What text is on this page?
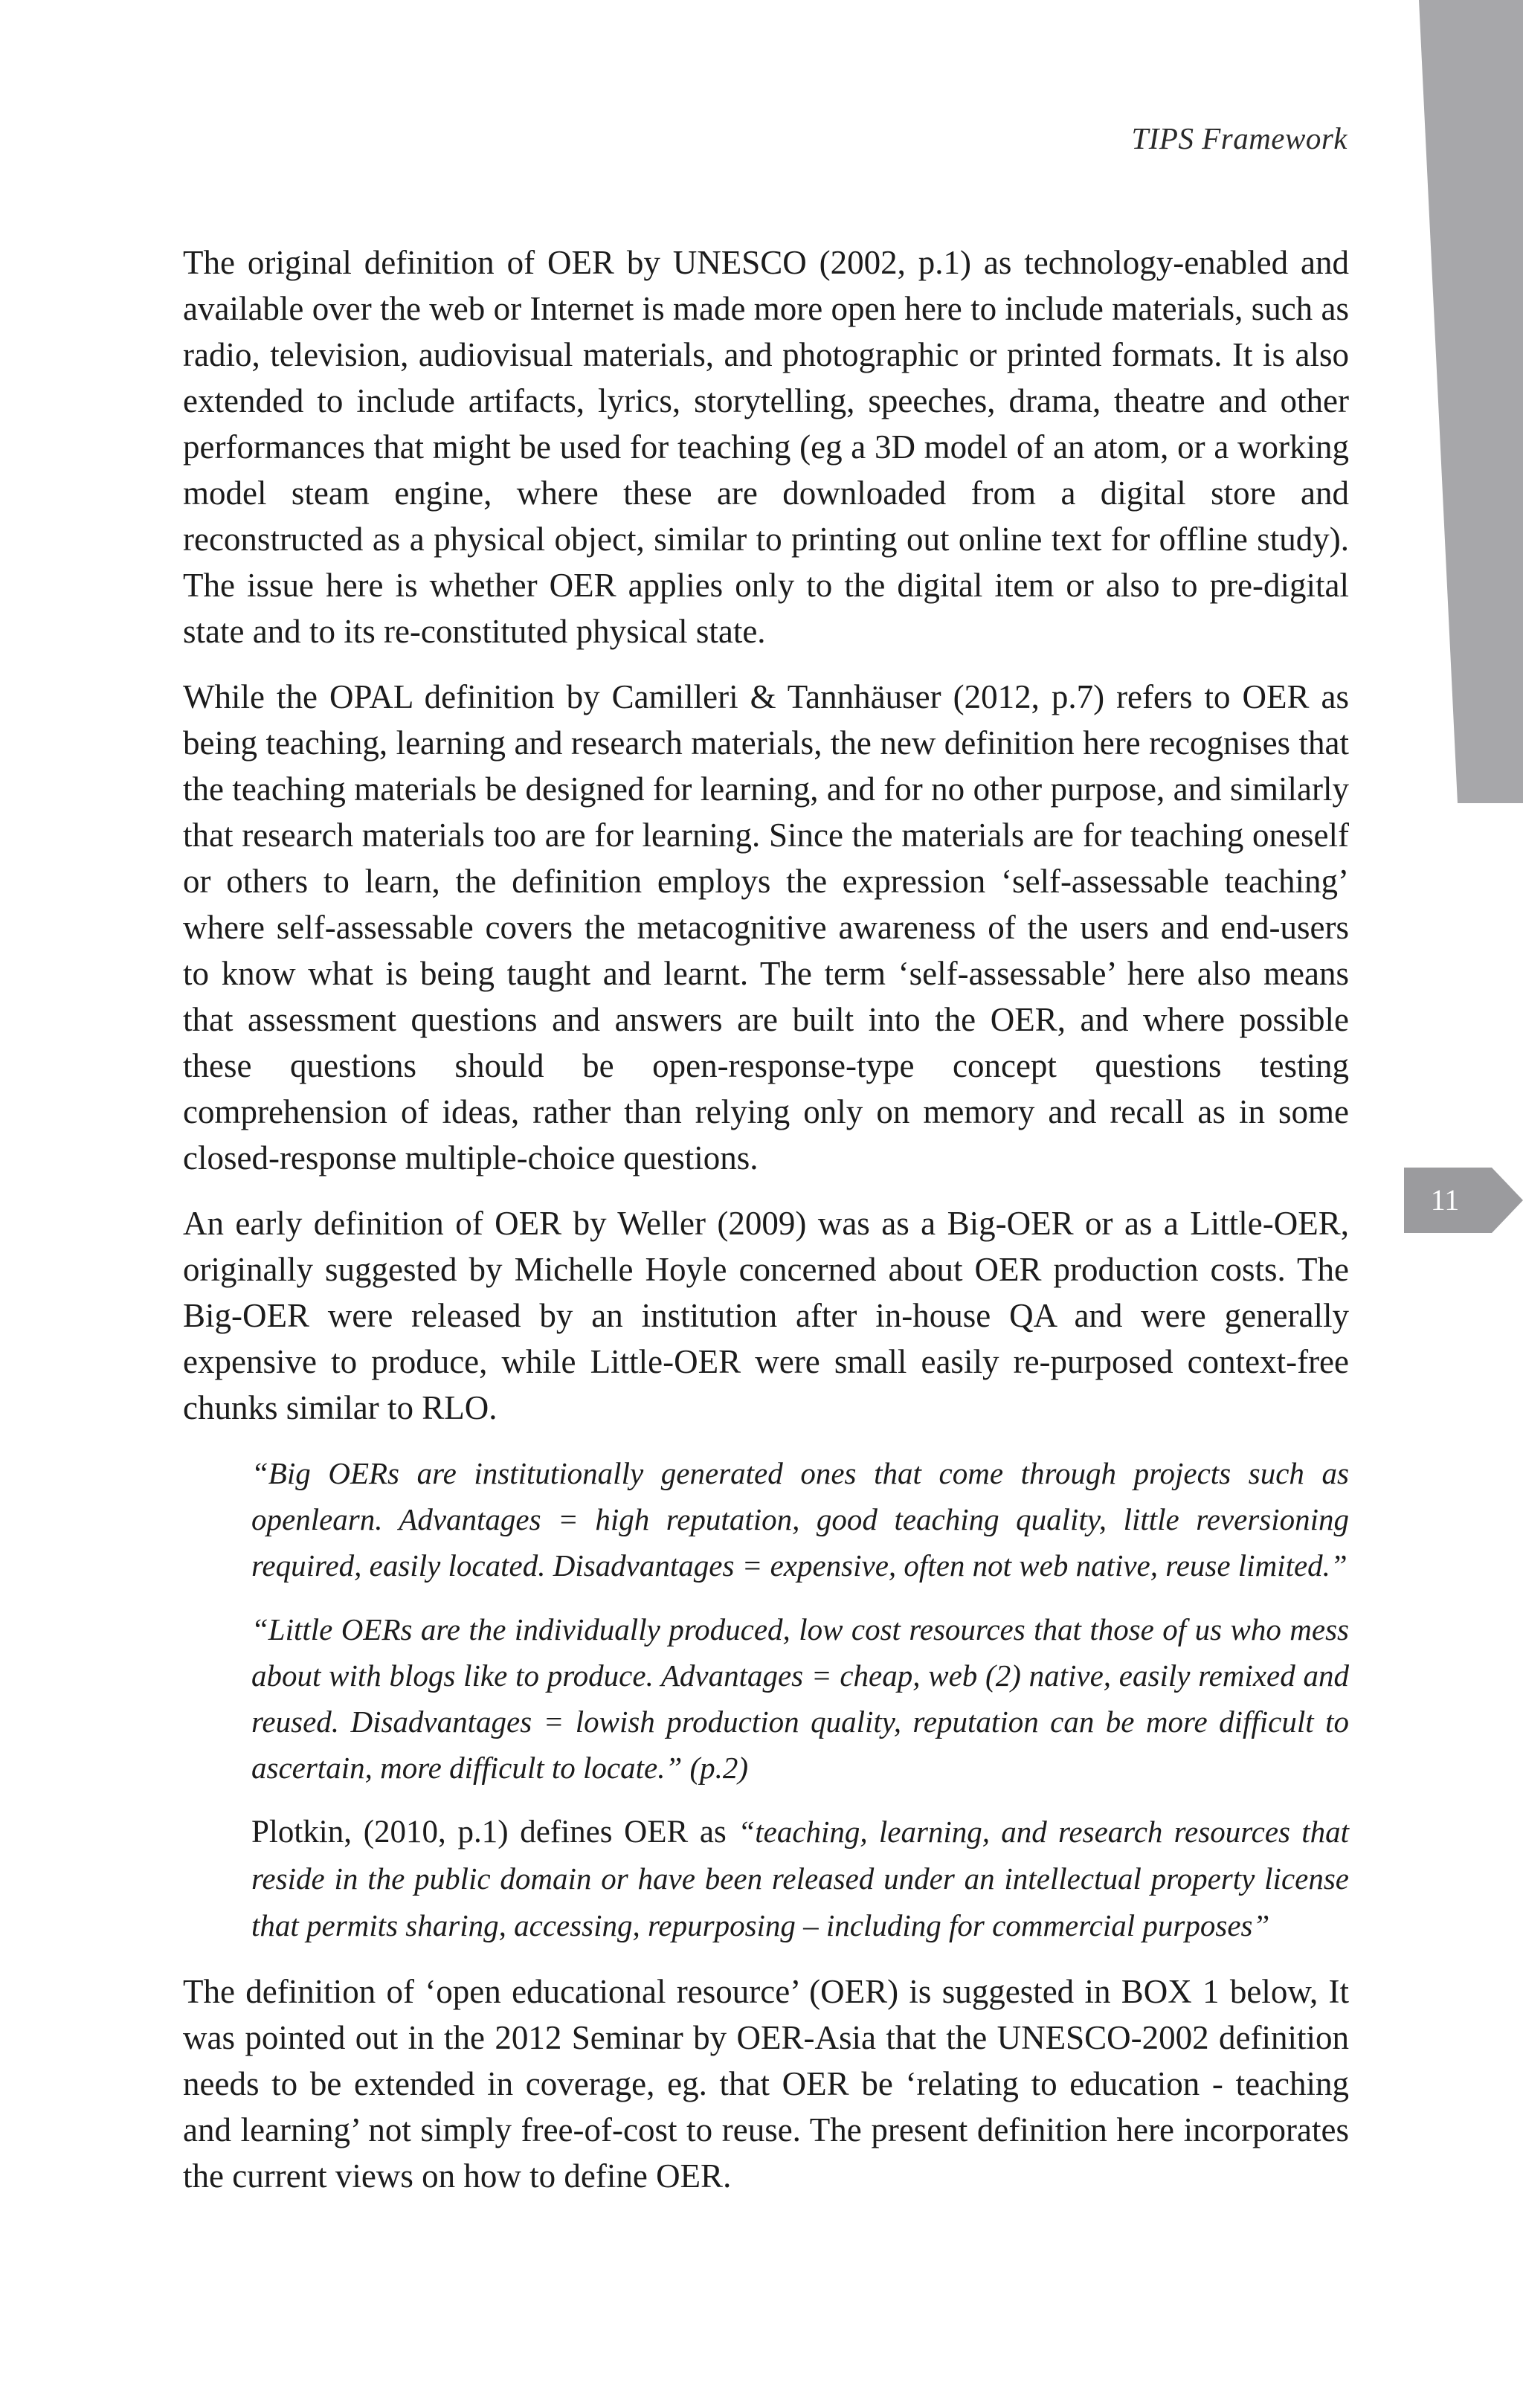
TIPS Framework
11

The original definition of OER by UNESCO (2002, p.1) as technology-enabled and available over the web or Internet is made more open here to include materials, such as radio, television, audiovisual materials, and photographic or printed formats. It is also extended to include artifacts, lyrics, storytelling, speeches, drama, theatre and other performances that might be used for teaching (eg a 3D model of an atom, or a working model steam engine, where these are downloaded from a digital store and reconstructed as a physical object, similar to printing out online text for offline study). The issue here is whether OER applies only to the digital item or also to pre-digital state and to its re-constituted physical state.

While the OPAL definition by Camilleri & Tannhäuser (2012, p.7) refers to OER as being teaching, learning and research materials, the new definition here recognises that the teaching materials be designed for learning, and for no other purpose, and similarly that research materials too are for learning. Since the materials are for teaching oneself or others to learn, the definition employs the expression ‘self-assessable teaching’ where self-assessable covers the metacognitive awareness of the users and end-users to know what is being taught and learnt. The term ‘self-assessable’ here also means that assessment questions and answers are built into the OER, and where possible these questions should be open-response-type concept questions testing comprehension of ideas, rather than relying only on memory and recall as in some closed-response multiple-choice questions.

An early definition of OER by Weller (2009) was as a Big-OER or as a Little-OER, originally suggested by Michelle Hoyle concerned about OER production costs. The Big-OER were released by an institution after in-house QA and were generally expensive to produce, while Little-OER were small easily re-purposed context-free chunks similar to RLO.

“Big OERs are institutionally generated ones that come through projects such as openlearn. Advantages = high reputation, good teaching quality, little reversioning required, easily located. Disadvantages = expensive, often not web native, reuse limited.”
“Little OERs are the individually produced, low cost resources that those of us who mess about with blogs like to produce. Advantages = cheap, web (2) native, easily remixed and reused. Disadvantages = lowish production quality, reputation can be more difficult to ascertain, more difficult to locate.” (p.2)

Plotkin, (2010, p.1) defines OER as “teaching, learning, and research resources that reside in the public domain or have been released under an intellectual property license that permits sharing, accessing, repurposing – including for commercial purposes”

The definition of ‘open educational resource’ (OER) is suggested in BOX 1 below, It was pointed out in the 2012 Seminar by OER-Asia that the UNESCO-2002 definition needs to be extended in coverage, eg. that OER be ‘relating to education - teaching and learning’ not simply free-of-cost to reuse. The present definition here incorporates the current views on how to define OER.
